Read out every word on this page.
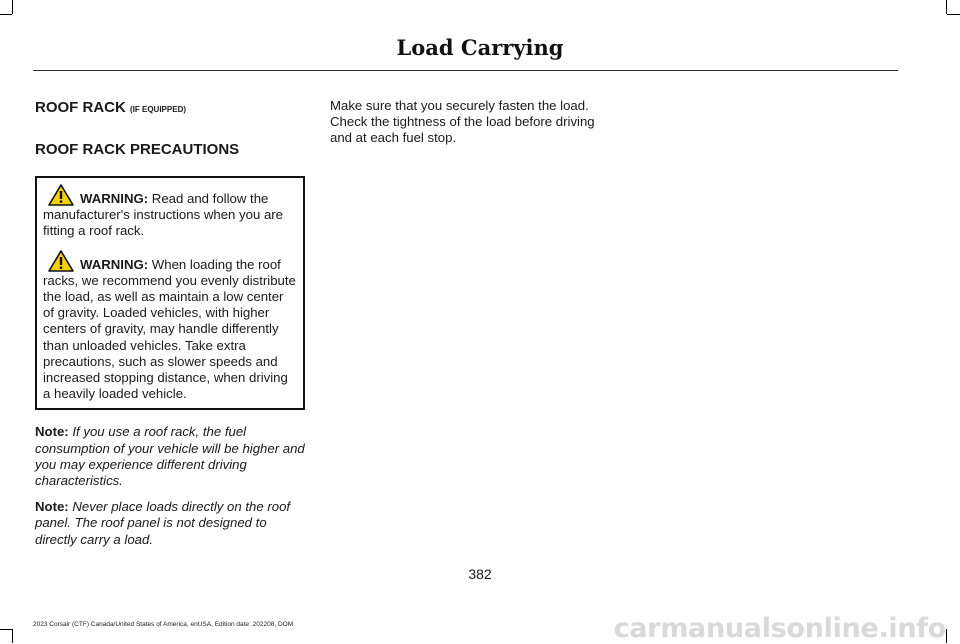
Load Carrying

ROOF RACK (IF EQUIPPED)

ROOF RACK PRECAUTIONS

WARNING: Read and follow the manufacturer's instructions when you are fitting a roof rack.

WARNING: When loading the roof racks, we recommend you evenly distribute the load, as well as maintain a low center of gravity. Loaded vehicles, with higher centers of gravity, may handle differently than unloaded vehicles. Take extra precautions, such as slower speeds and increased stopping distance, when driving a heavily loaded vehicle.

Note: If you use a roof rack, the fuel consumption of your vehicle will be higher and you may experience different driving characteristics.

Note: Never place loads directly on the roof panel. The roof panel is not designed to directly carry a load.

Make sure that you securely fasten the load. Check the tightness of the load before driving and at each fuel stop.

382
2023 Corsair (CTF) Canada/United States of America, enUSA, Edition date: 202208, DOM	carmanualsonline.info
